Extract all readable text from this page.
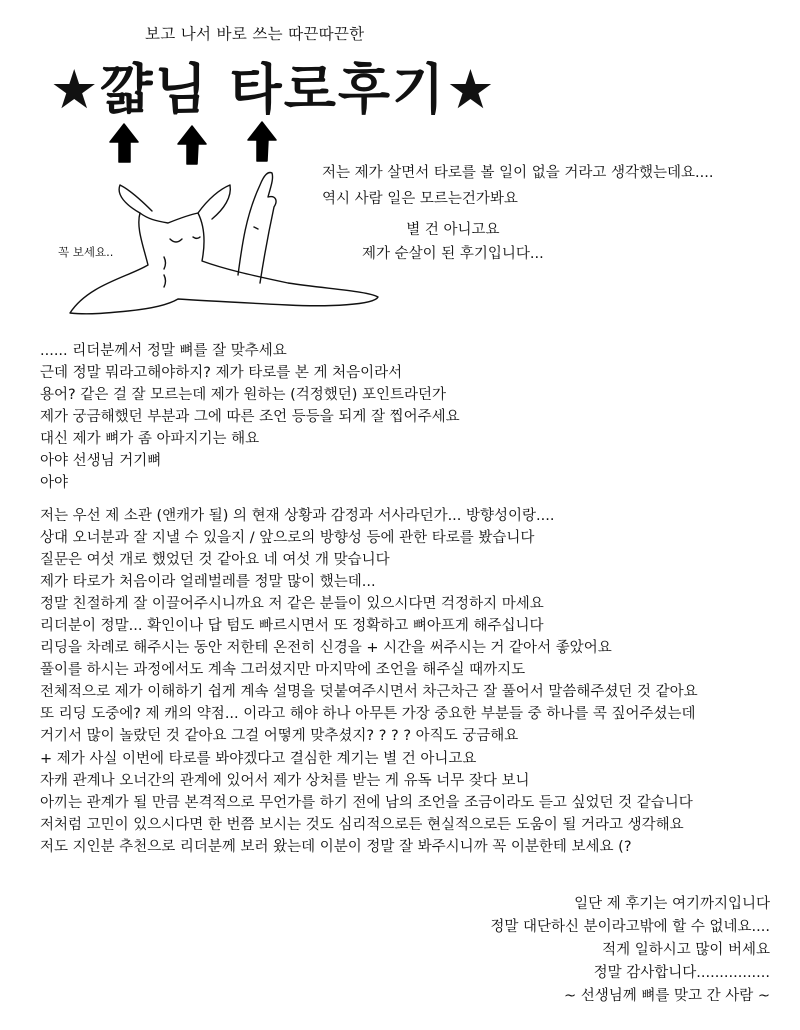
보고 나서 바로 쓰는 따끈따끈한
★꺏님 타로후기★
꼭 보세요..
저는 제가 살면서 타로를 볼 일이 없을 거라고 생각했는데요....
역시 사람 일은 모르는건가봐요
별 건 아니고요
제가 순살이 된 후기입니다...
...... 리더분께서 정말 뼈를 잘 맞추세요
근데 정말 뭐라고해야하지? 제가 타로를 본 게 처음이라서
용어? 같은 걸 잘 모르는데 제가 원하는 (걱정했던) 포인트라던가
제가 궁금해했던 부분과 그에 따른 조언 등등을 되게 잘 찝어주세요
대신 제가 뼈가 좀 아파지기는 해요
아야 선생님 거기뼈
아야
저는 우선 제 소관 (앤캐가 될) 의 현재 상황과 감정과 서사라던가... 방향성이랑....
상대 오너분과 잘 지낼 수 있을지 / 앞으로의 방향성 등에 관한 타로를 봤습니다
질문은 여섯 개로 했었던 것 같아요 네 여섯 개 맞습니다
제가 타로가 처음이라 얼레벌레를 정말 많이 했는데...
정말 친절하게 잘 이끌어주시니까요 저 같은 분들이 있으시다면 걱정하지 마세요
리더분이 정말... 확인이나 답 텀도 빠르시면서 또 정확하고 뼈아프게 해주십니다
리딩을 차례로 해주시는 동안 저한테 온전히 신경을 + 시간을 써주시는 거 같아서 좋았어요
풀이를 하시는 과정에서도 계속 그러셨지만 마지막에 조언을 해주실 때까지도
전체적으로 제가 이해하기 쉽게 계속 설명을 덧붙여주시면서 차근차근 잘 풀어서 말씀해주셨던 것 같아요
또 리딩 도중에? 제 캐의 약점... 이라고 해야 하나 아무튼 가장 중요한 부분들 중 하나를 콕 짚어주셨는데
거기서 많이 놀랐던 것 같아요 그걸 어떻게 맞추셨지? ? ? ? 아직도 궁금해요
+ 제가 사실 이번에 타로를 봐야겠다고 결심한 계기는 별 건 아니고요
자캐 관계나 오너간의 관계에 있어서 제가 상처를 받는 게 유독 너무 잦다 보니
아끼는 관계가 될 만큼 본격적으로 무언가를 하기 전에 남의 조언을 조금이라도 듣고 싶었던 것 같습니다
저처럼 고민이 있으시다면 한 번쯤 보시는 것도 심리적으로든 현실적으로든 도움이 될 거라고 생각해요
저도 지인분 추천으로 리더분께 보러 왔는데 이분이 정말 잘 봐주시니까 꼭 이분한테 보세요 (?
일단 제 후기는 여기까지입니다
정말 대단하신 분이라고밖에 할 수 없네요....
적게 일하시고 많이 버세요
정말 감사합니다................
~ 선생님께 뼈를 맞고 간 사람 ~
